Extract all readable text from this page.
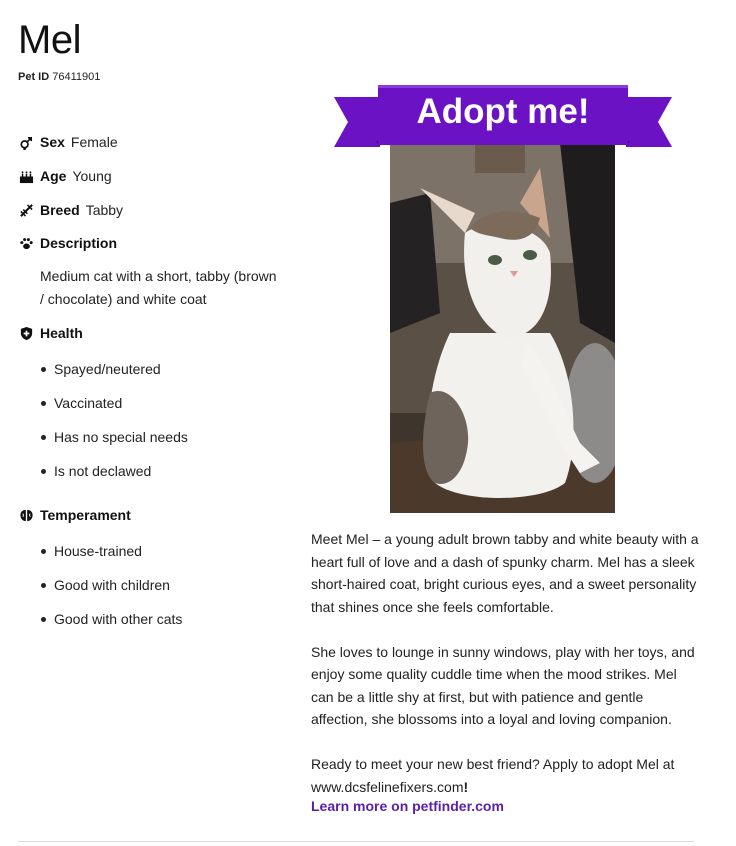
Mel
Pet ID 76411901
Sex Female
Age Young
Breed Tabby
Description
Medium cat with a short, tabby (brown / chocolate) and white coat
Health
Spayed/neutered
Vaccinated
Has no special needs
Is not declawed
Temperament
House-trained
Good with children
Good with other cats
Adopt me!

Meet Mel – a young adult brown tabby and white beauty with a heart full of love and a dash of spunky charm. Mel has a sleek short-haired coat, bright curious eyes, and a sweet personality that shines once she feels comfortable.

She loves to lounge in sunny windows, play with her toys, and enjoy some quality cuddle time when the mood strikes. Mel can be a little shy at first, but with patience and gentle affection, she blossoms into a loyal and loving companion.

Ready to meet your new best friend? Apply to adopt Mel at www.dcsfelinefixers.com!

Learn more on petfinder.com
